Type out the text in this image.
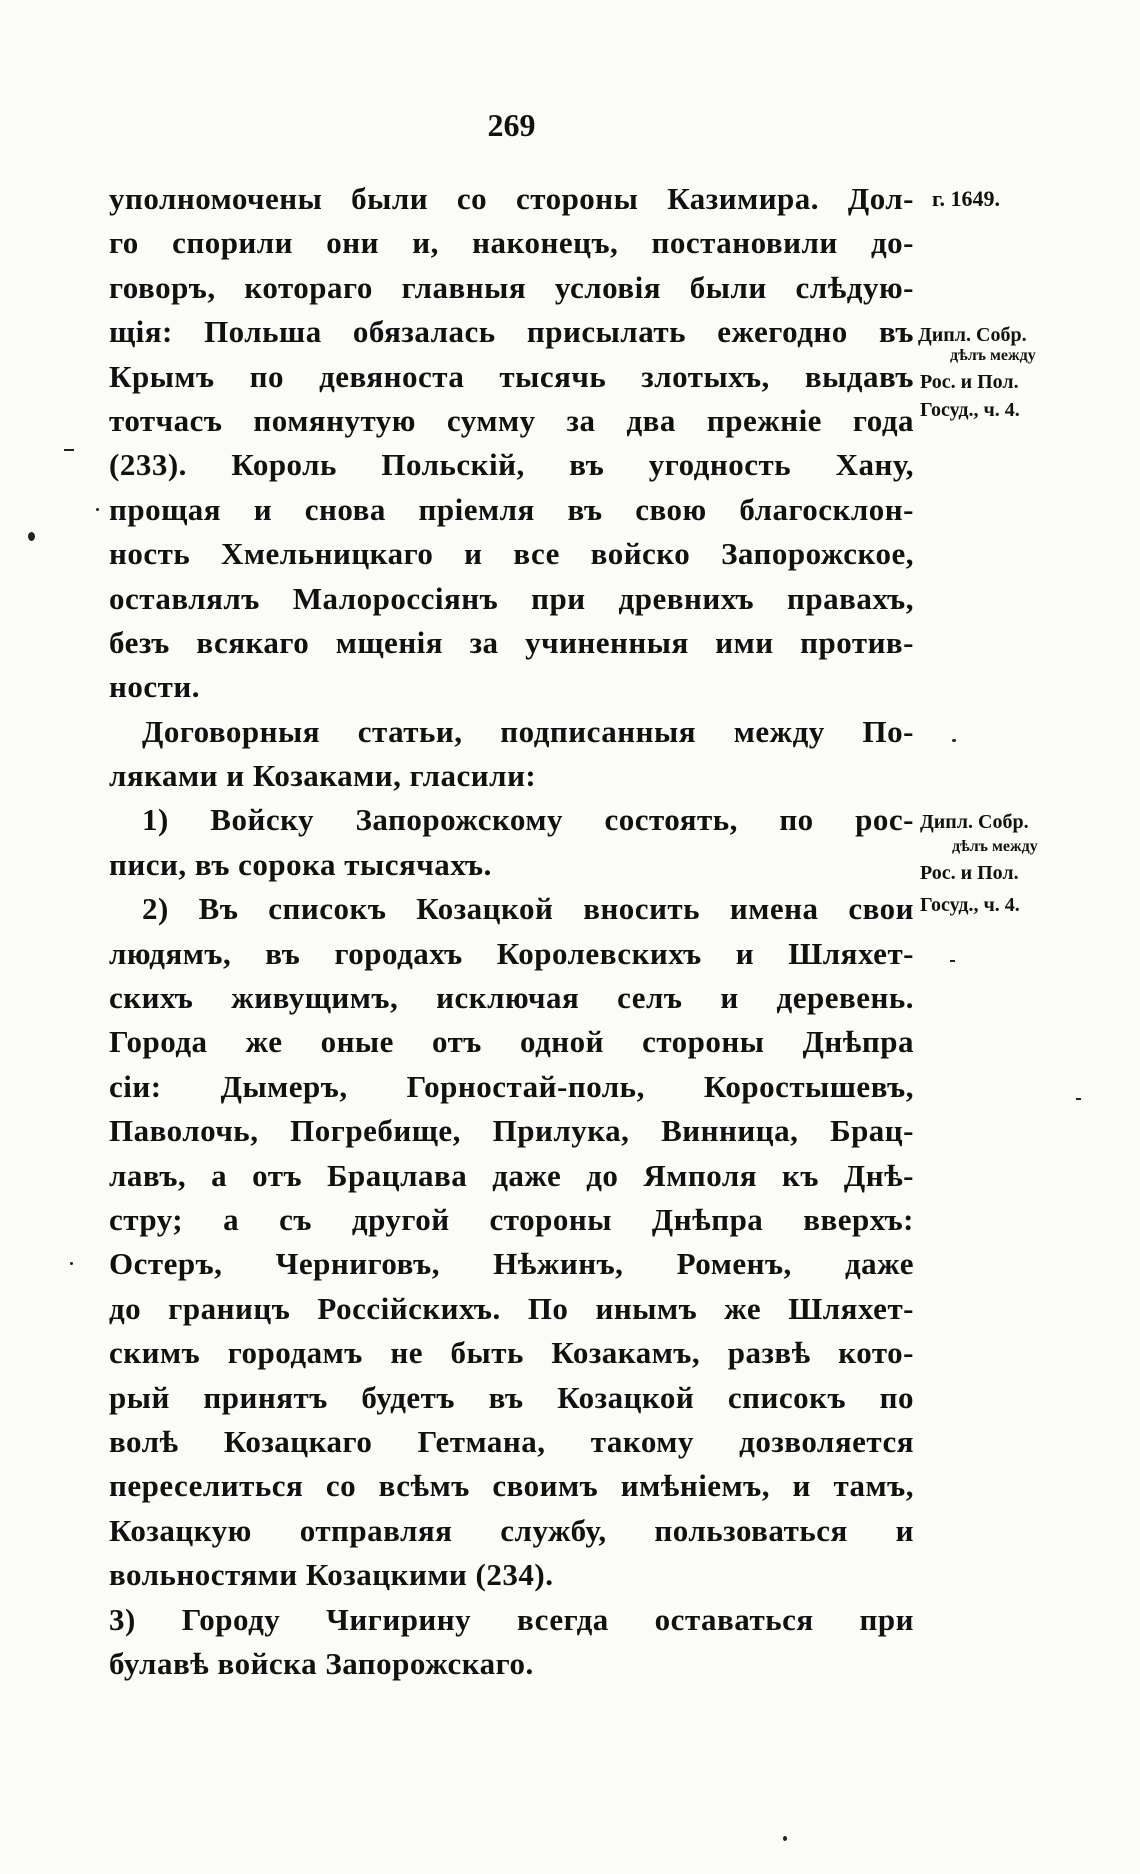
269
уполномочены были со стороны Казимира. Дол-
го спорили они и, наконецъ, постановили до-
говоръ, котораго главныя условія были слѣдую-
щія: Польша обязалась присылать ежегодно въ
Крымъ по девяноста тысячь злотыхъ, выдавъ
тотчасъ помянутую сумму за два прежніе года
(233). Король Польскій, въ угодность Хану,
прощая и снова пріемля въ свою благосклон-
ность Хмельницкаго и все войско Запорожское,
оставлялъ Малороссіянъ при древнихъ правахъ,
безъ всякаго мщенія за учиненныя ими против-
ности.
Договорныя статьи, подписанныя между По-
ляками и Козаками, гласили:
1) Войску Запорожскому состоять, по рос-
писи, въ сорока тысячахъ.
2) Въ списокъ Козацкой вносить имена свои
людямъ, въ городахъ Королевскихъ и Шляхет-
скихъ живущимъ, исключая селъ и деревень.
Города же оные отъ одной стороны Днѣпра
сіи: Дымеръ, Горностай-поль, Коростышевъ,
Паволочь, Погребище, Прилука, Винница, Брац-
лавъ, а отъ Брацлава даже до Ямполя къ Днѣ-
стру; а съ другой стороны Днѣпра вверхъ:
Остеръ, Черниговъ, Нѣжинъ, Роменъ, даже
до границъ Россійскихъ. По инымъ же Шляхет-
скимъ городамъ не быть Козакамъ, развѣ кото-
рый принятъ будетъ въ Козацкой списокъ по
волѣ Козацкаго Гетмана, такому дозволяется
переселиться со всѣмъ своимъ имѣніемъ, и тамъ,
Козацкую отправляя службу, пользоваться и
вольностями Козацкими (234).
3) Городу Чигирину всегда оставаться при
булавѣ войска Запорожскаго.
г. 1649.
Дипл. Собр.
дѣлъ между
Рос. и Пол.
Госуд., ч. 4.
Дипл. Собр.
дѣлъ между
Рос. и Пол.
Госуд., ч. 4.
